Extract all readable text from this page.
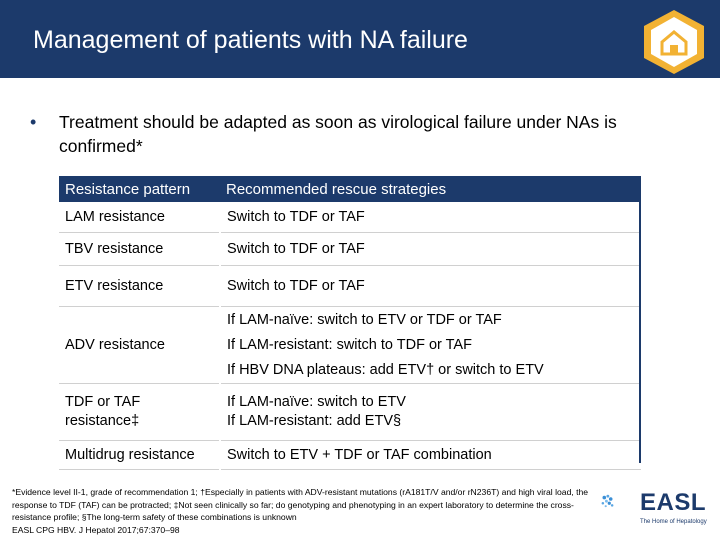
Management of patients with NA failure
• Treatment should be adapted as soon as virological failure under NAs is confirmed*
Resistance pattern	Recommended rescue strategies
LAM resistance	Switch to TDF or TAF
TBV resistance	Switch to TDF or TAF
ETV resistance	Switch to TDF or TAF
ADV resistance	If LAM-naïve: switch to ETV or TDF or TAF
If LAM-resistant: switch to TDF or TAF
If HBV DNA plateaus: add ETV† or switch to ETV

TDF or TAF resistance‡	If LAM-naïve: switch to ETV
If LAM-resistant: add ETV§

Multidrug resistance	Switch to ETV + TDF or TAF combination
*Evidence level II-1, grade of recommendation 1; †Especially in patients with ADV-resistant mutations (rA181T/V and/or rN236T) and high viral load, the response to TDF (TAF) can be protracted; ‡Not seen clinically so far; do genotyping and phenotyping in an expert laboratory to determine the cross-resistance profile; §The long-term safety of these combinations is unknown
EASL CPG HBV. J Hepatol 2017;67:370–98
EASL
The Home of Hepatology
